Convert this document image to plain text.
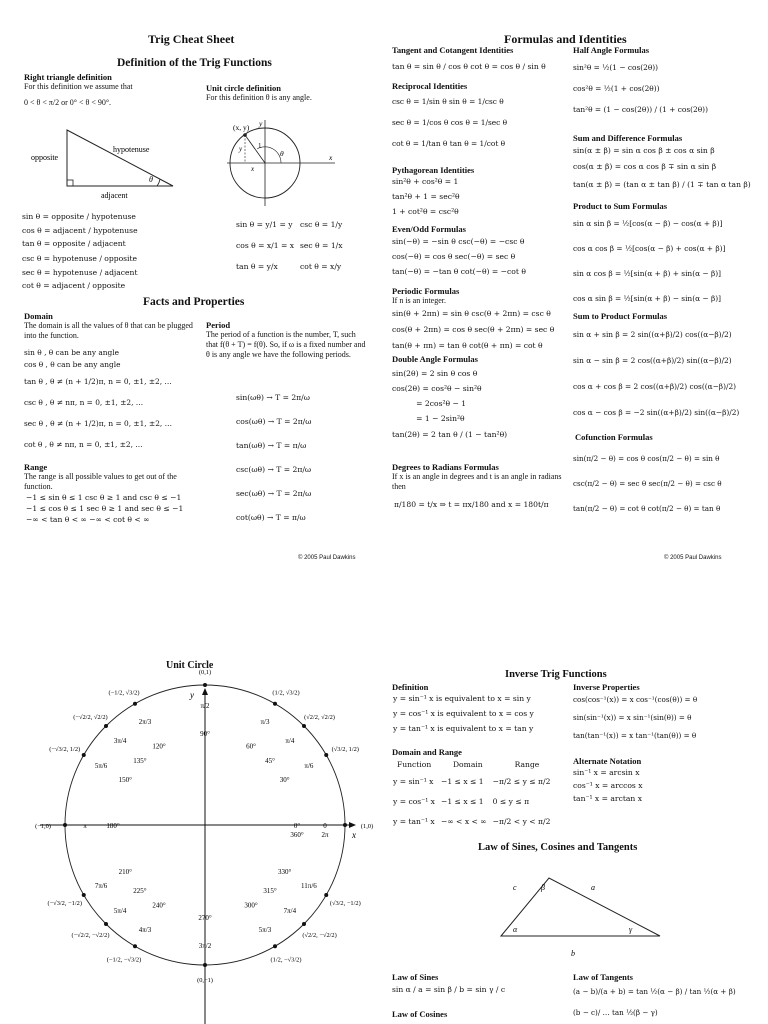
Trig Cheat Sheet
Definition of the Trig Functions
Right triangle definition
For this definition we assume that
0 < θ < π/2 or 0° < θ < 90°.
hypotenuse
opposite
adjacent
θ
sin θ = opposite / hypotenuse
cos θ = adjacent / hypotenuse
tan θ = opposite / adjacent
csc θ = hypotenuse / opposite
sec θ = hypotenuse / adjacent
cot θ = adjacent / opposite
Unit circle definition
For this definition θ is any angle.
(x, y)
x
y
1
θ
x
y
sin θ = y/1 = y
cos θ = x/1 = x
tan θ = y/x
csc θ = 1/y
sec θ = 1/x
cot θ = x/y
Facts and Properties
Domain
The domain is all the values of θ that can be plugged into the function.
sin θ , θ can be any angle
cos θ , θ can be any angle
tan θ , θ ≠ (n + 1/2)π, n = 0, ±1, ±2, …
csc θ , θ ≠ nπ, n = 0, ±1, ±2, …
sec θ , θ ≠ (n + 1/2)π, n = 0, ±1, ±2, …
cot θ , θ ≠ nπ, n = 0, ±1, ±2, …
Range
The range is all possible values to get out of the function.
−1 ≤ sin θ ≤ 1 csc θ ≥ 1 and csc θ ≤ −1
−1 ≤ cos θ ≤ 1 sec θ ≥ 1 and sec θ ≤ −1
−∞ < tan θ < ∞ −∞ < cot θ < ∞
Period
The period of a function is the number, T, such that f(θ + T) = f(θ). So, if ω is a fixed number and θ is any angle we have the following periods.
sin(ωθ) → T = 2π/ω
cos(ωθ) → T = 2π/ω
tan(ωθ) → T = π/ω
csc(ωθ) → T = 2π/ω
sec(ωθ) → T = 2π/ω
cot(ωθ) → T = π/ω
© 2005 Paul Dawkins
Formulas and Identities
Tangent and Cotangent Identities
tan θ = sin θ / cos θ cot θ = cos θ / sin θ
Reciprocal Identities
csc θ = 1/sin θ sin θ = 1/csc θ
sec θ = 1/cos θ cos θ = 1/sec θ
cot θ = 1/tan θ tan θ = 1/cot θ
Pythagorean Identities
sin²θ + cos²θ = 1
tan²θ + 1 = sec²θ
1 + cot²θ = csc²θ
Even/Odd Formulas
sin(−θ) = −sin θ csc(−θ) = −csc θ
cos(−θ) = cos θ sec(−θ) = sec θ
tan(−θ) = −tan θ cot(−θ) = −cot θ
Periodic Formulas
If n is an integer.
sin(θ + 2πn) = sin θ csc(θ + 2πn) = csc θ
cos(θ + 2πn) = cos θ sec(θ + 2πn) = sec θ
tan(θ + πn) = tan θ cot(θ + πn) = cot θ
Double Angle Formulas
sin(2θ) = 2 sin θ cos θ
cos(2θ) = cos²θ − sin²θ
= 2cos²θ − 1
= 1 − 2sin²θ
tan(2θ) = 2 tan θ / (1 − tan²θ)
Degrees to Radians Formulas
If x is an angle in degrees and t is an angle in radians then
π/180 = t/x ⇒ t = πx/180 and x = 180t/π
Half Angle Formulas
sin²θ = ½(1 − cos(2θ))
cos²θ = ½(1 + cos(2θ))
tan²θ = (1 − cos(2θ)) / (1 + cos(2θ))
Sum and Difference Formulas
sin(α ± β) = sin α cos β ± cos α sin β
cos(α ± β) = cos α cos β ∓ sin α sin β
tan(α ± β) = (tan α ± tan β) / (1 ∓ tan α tan β)
Product to Sum Formulas
sin α sin β = ½[cos(α − β) − cos(α + β)]
cos α cos β = ½[cos(α − β) + cos(α + β)]
sin α cos β = ½[sin(α + β) + sin(α − β)]
cos α sin β = ½[sin(α + β) − sin(α − β)]
Sum to Product Formulas
sin α + sin β = 2 sin((α+β)/2) cos((α−β)/2)
sin α − sin β = 2 cos((α+β)/2) sin((α−β)/2)
cos α + cos β = 2 cos((α+β)/2) cos((α−β)/2)
cos α − cos β = −2 sin((α+β)/2) sin((α−β)/2)
Cofunction Formulas
sin(π/2 − θ) = cos θ cos(π/2 − θ) = sin θ
csc(π/2 − θ) = sec θ sec(π/2 − θ) = csc θ
tan(π/2 − θ) = cot θ cot(π/2 − θ) = tan θ
© 2005 Paul Dawkins
Unit Circle
x
y
(0,1)
π/2
90°
(1/2, √3/2)
π/3
60°
(√2/2, √2/2)
π/4
45°
(√3/2, 1/2)
π/6
30°
(1,0)
0
0°
(−1/2, √3/2)
2π/3
120°
(−√2/2, √2/2)
3π/4
135°
(−√3/2, 1/2)
5π/6
150°
(−1,0)	π	180°
(−√3/2, −1/2)
7π/6
210°
(−√2/2, −√2/2)
5π/4
225°
(−1/2, −√3/2)
4π/3
240°
(0,−1)
3π/2
270°
(1/2, −√3/2)
5π/3
300°
(√2/2, −√2/2)
7π/4
315°
(√3/2, −1/2)
11π/6
330°
360°	2π
Inverse Trig Functions
Definition
y = sin⁻¹ x is equivalent to x = sin y
y = cos⁻¹ x is equivalent to x = cos y
y = tan⁻¹ x is equivalent to x = tan y
Domain and Range
Function	Domain	Range
y = sin⁻¹ x	−1 ≤ x ≤ 1	−π/2 ≤ y ≤ π/2
y = cos⁻¹ x	−1 ≤ x ≤ 1	0 ≤ y ≤ π
y = tan⁻¹ x	−∞ < x < ∞	−π/2 < y < π/2
Inverse Properties
cos(cos⁻¹(x)) = x cos⁻¹(cos(θ)) = θ
sin(sin⁻¹(x)) = x sin⁻¹(sin(θ)) = θ
tan(tan⁻¹(x)) = x tan⁻¹(tan(θ)) = θ
Alternate Notation
sin⁻¹ x = arcsin x
cos⁻¹ x = arccos x
tan⁻¹ x = arctan x
Law of Sines, Cosines and Tangents
c	β	a
α	γ
b
Law of Sines
sin α / a = sin β / b = sin γ / c
Law of Cosines
Law of Tangents
(a − b)/(a + b) = tan ½(α − β) / tan ½(α + β)
(b − c)/ … tan ½(β − γ)
